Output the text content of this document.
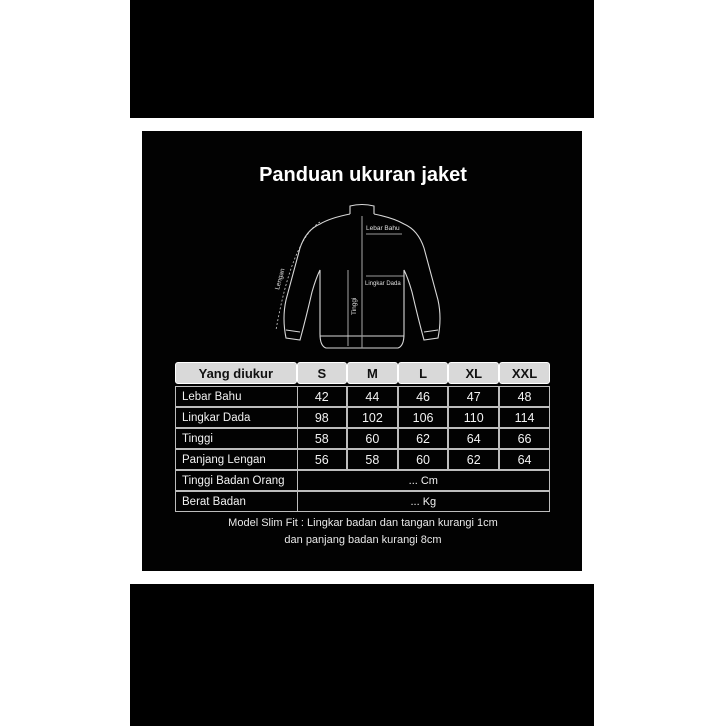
Panduan ukuran jaket
Lebar Bahu
Lingkar Dada
Tinggi
Lengan
Yang diukur	S	M	L	XL	XXL

Lebar Bahu	42	44	46	47	48
Lingkar Dada	98	102	106	110	114
Tinggi	58	60	62	64	66
Panjang Lengan	56	58	60	62	64
Tinggi Badan Orang	... Cm				
Berat Badan	... Kg				
Model Slim Fit : Lingkar badan dan tangan kurangi 1cm
dan panjang badan kurangi 8cm
